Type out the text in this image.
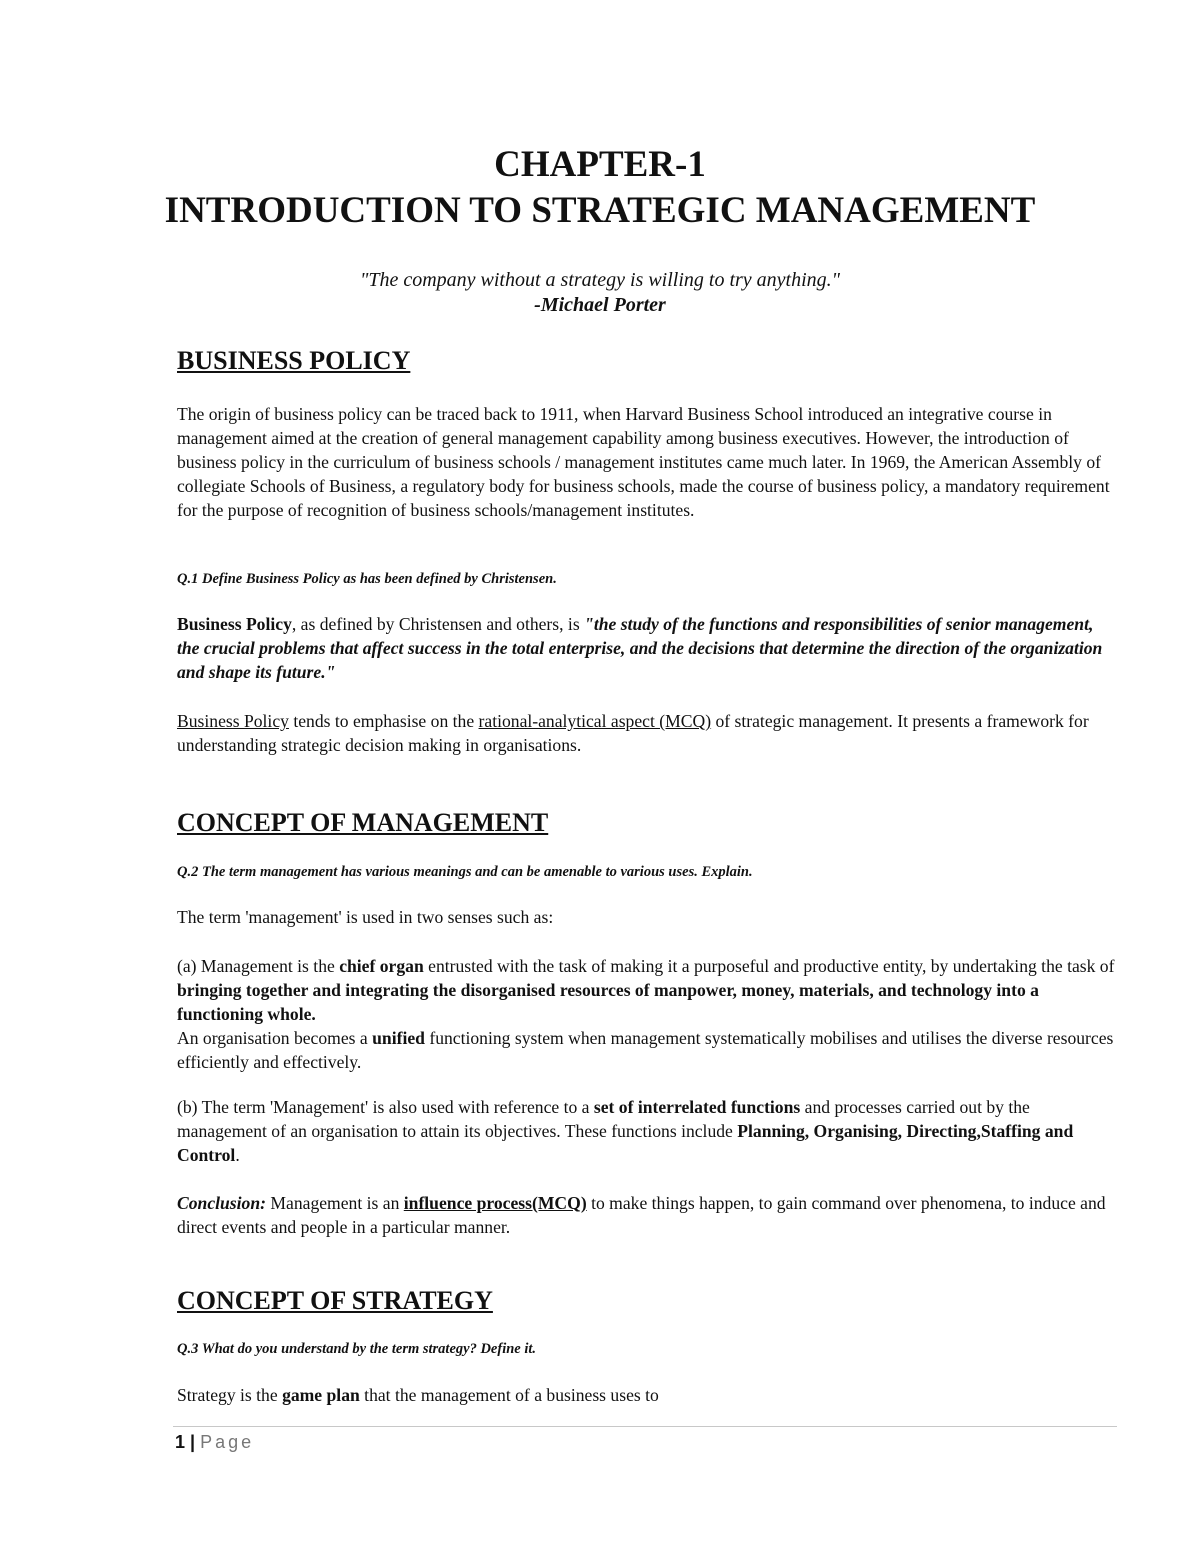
CHAPTER-1
INTRODUCTION TO STRATEGIC MANAGEMENT
"The company without a strategy is willing to try anything."
-Michael Porter
BUSINESS POLICY

The origin of business policy can be traced back to 1911, when Harvard Business School introduced an integrative course in management aimed at the creation of general management capability among business executives. However, the introduction of business policy in the curriculum of business schools / management institutes came much later. In 1969, the American Assembly of collegiate Schools of Business, a regulatory body for business schools, made the course of business policy, a mandatory requirement for the purpose of recognition of business schools/management institutes.

Q.1 Define Business Policy as has been defined by Christensen.

Business Policy, as defined by Christensen and others, is "the study of the functions and responsibilities of senior management, the crucial problems that affect success in the total enterprise, and the decisions that determine the direction of the organization and shape its future."

Business Policy tends to emphasise on the rational-analytical aspect (MCQ) of strategic management. It presents a framework for understanding strategic decision making in organisations.

CONCEPT OF MANAGEMENT

Q.2 The term management has various meanings and can be amenable to various uses. Explain.

The term 'management' is used in two senses such as:

(a) Management is the chief organ entrusted with the task of making it a purposeful and productive entity, by undertaking the task of bringing together and integrating the disorganised resources of manpower, money, materials, and technology into a functioning whole.
An organisation becomes a unified functioning system when management systematically mobilises and utilises the diverse resources efficiently and effectively.

(b) The term 'Management' is also used with reference to a set of interrelated functions and processes carried out by the management of an organisation to attain its objectives. These functions include Planning, Organising, Directing,Staffing and Control.

Conclusion: Management is an influence process(MCQ) to make things happen, to gain command over phenomena, to induce and direct events and people in a particular manner.

CONCEPT OF STRATEGY

Q.3 What do you understand by the term strategy? Define it.

Strategy is the game plan that the management of a business uses to

1 | Page
